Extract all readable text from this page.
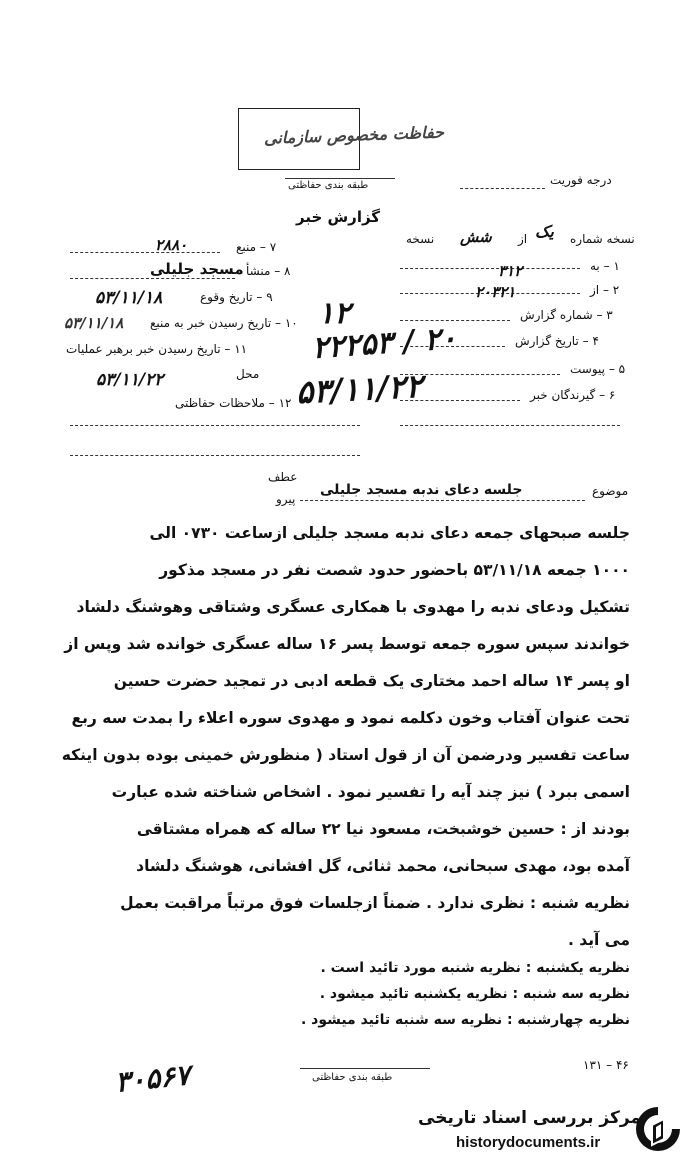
حفاظت مخصوص سازمانی
طبقه بندی حفاظتی	درجه فوریت
گزارش خبر
نسخه شماره
یک
از
شش
نسخه
۱ – به
۳۱۲
۲ – از
۲۰۳۲۱
۳ – شماره گزارش
۴ – تاریخ گزارش
۵ – پیوست
۶ – گیرندگان خبر
۷ – منبع
۲۸۸۰
۸ – منشأ
مسجد جلیلی
۹ – تاریخ وقوع
۵۳/۱۱/۱۸
۱۰ – تاریخ رسیدن خبر به منبع
۵۳/۱۱/۱۸
۱۱ – تاریخ رسیدن خبر برهبر عملیات
محل
۵۳/۱۱/۲۲
۱۲ – ملاحظات حفاظتی
۱۲
۲۲۲۵۳ / ۲۰
۵۳/۱۱/۲۲
عطف
پیرو
موضوع
جلسه دعای ندبه مسجد جلیلی
جلسه صبحهای جمعه دعای ندبه مسجد جلیلی ازساعت ۰۷۳۰ الی
۱۰۰۰ جمعه ۵۳/۱۱/۱۸ باحضور حدود شصت نفر در مسجد مذکور
تشکیل ودعای ندبه را مهدوی با همکاری عسگری وشتاقی وهوشنگ دلشاد
خواندند سپس سوره جمعه توسط پسر ۱۶ ساله عسگری خوانده شد وپس از
او پسر ۱۴ ساله احمد مختاری یک قطعه ادبی در تمجید حضرت حسین
تحت عنوان آفتاب وخون دکلمه نمود و مهدوی سوره اعلاء را بمدت سه ربع
ساعت تفسیر ودرضمن آن از قول استاد ( منظورش خمینی بوده بدون اینکه
اسمی ببرد ) نیز چند آیه را تفسیر نمود . اشخاص شناخته شده عبارت
بودند از : حسین خوشبخت، مسعود نیا ۲۲ ساله که همراه مشتاقی
آمده بود، مهدی سبحانی، محمد ثنائی، گل افشانی، هوشنگ دلشاد
نظریه شنبه : نظری ندارد . ضمناً ازجلسات فوق مرتباً مراقبت بعمل
می آید .
نظریه یکشنبه : نظریه شنبه مورد تائید است .
نظریه سه شنبه : نظریه یکشنبه تائید میشود .
نظریه چهارشنبه : نظریه سه شنبه تائید میشود .
۱۳۱ – ۴۶
طبقه بندی حفاظتی
۳۰۵۶۷
مرکز بررسی اسناد تاریخی
historydocuments.ir
